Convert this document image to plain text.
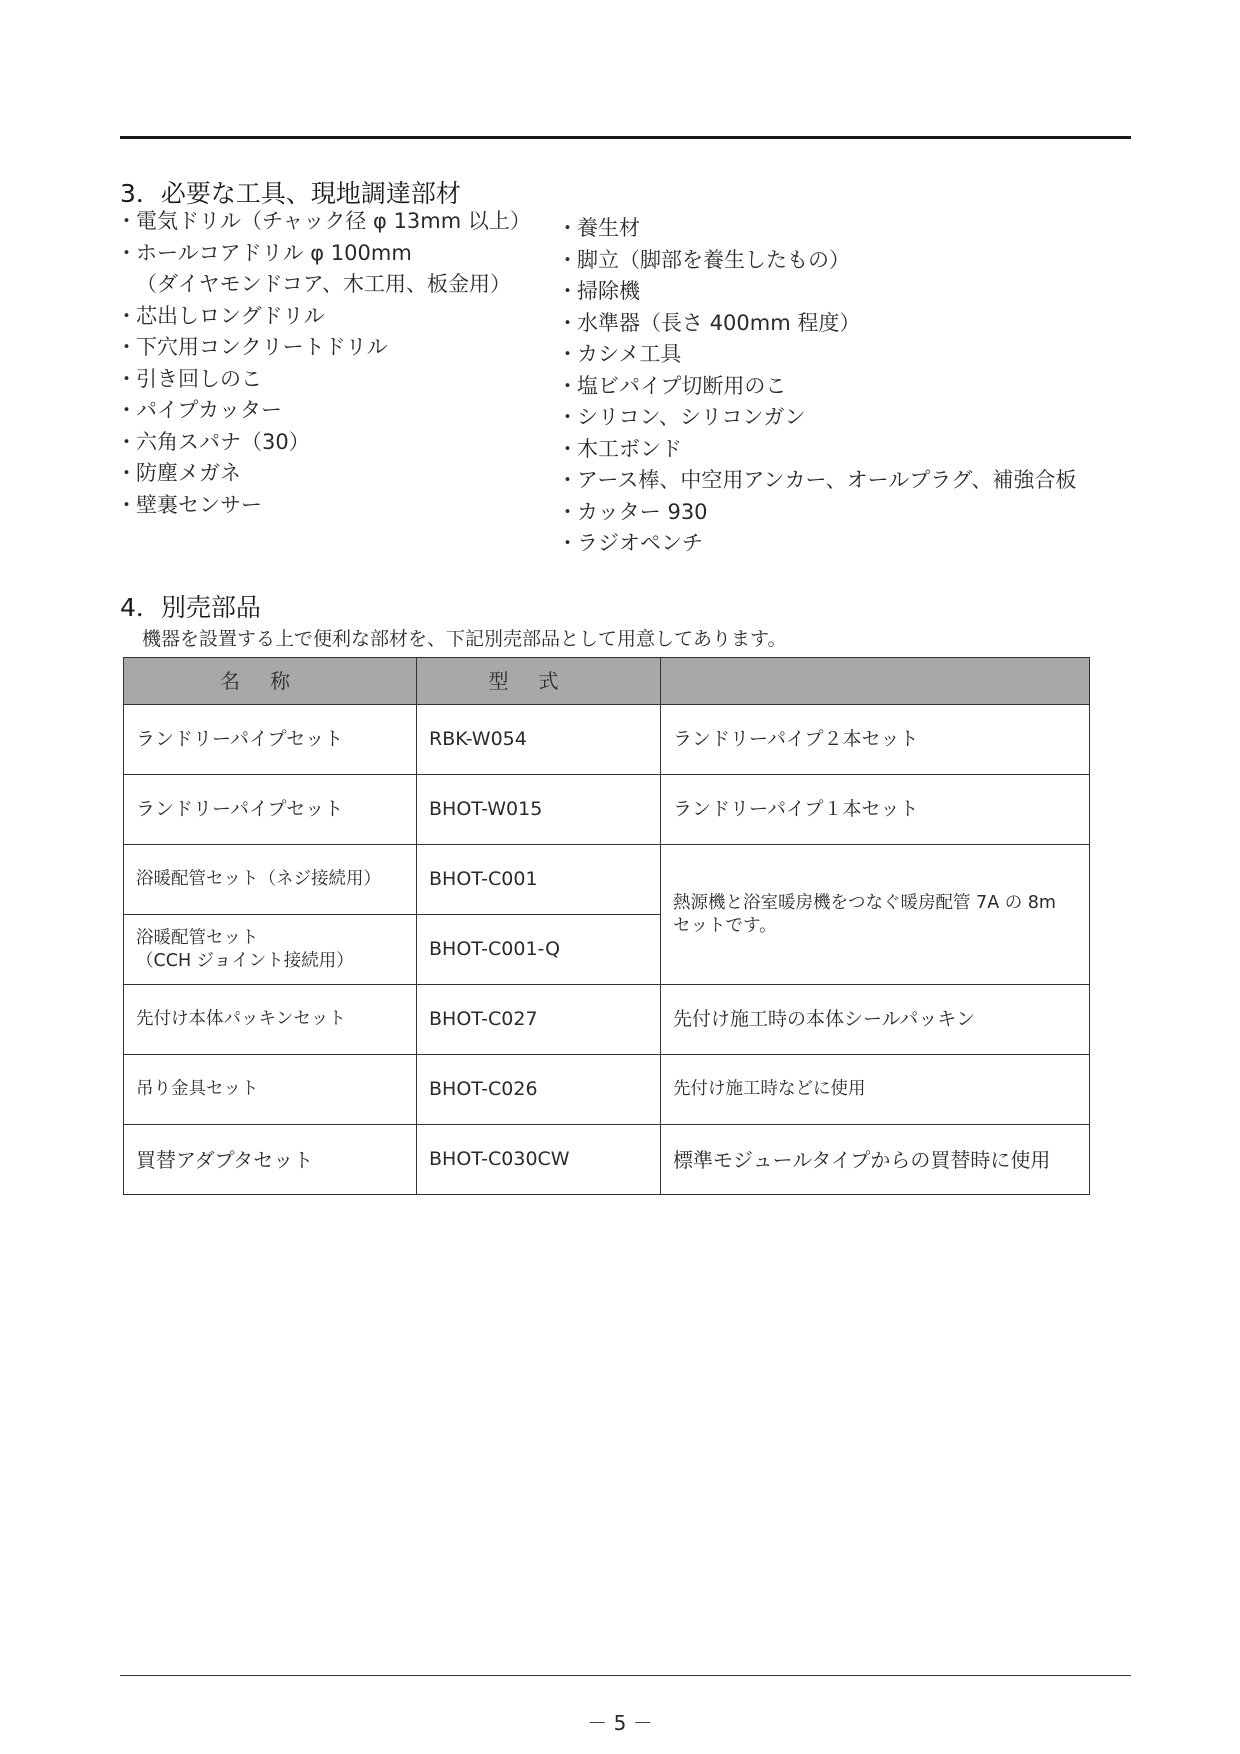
3．必要な工具、現地調達部材
・ 電気ドリル（チャック径 φ 13mm 以上）
・ ホールコアドリル φ 100mm
（ダイヤモンドコア、木工用、板金用）
・ 芯出しロングドリル
・ 下穴用コンクリートドリル
・ 引き回しのこ
・ パイプカッター
・ 六角スパナ（30）
・ 防塵メガネ
・ 壁裏センサー
・ 養生材
・ 脚立（脚部を養生したもの）
・ 掃除機
・ 水準器（長さ 400mm 程度）
・ カシメ工具
・ 塩ビパイプ切断用のこ
・ シリコン、シリコンガン
・ 木工ボンド
・ アース棒、中空用アンカー、オールプラグ、補強合板
・ カッター 930
・ ラジオペンチ
4．別売部品

機器を設置する上で便利な部材を、下記別売部品として用意してあります。

名称	型式	
ランドリーパイプセット	RBK-W054	ランドリーパイプ２本セット
ランドリーパイプセット	BHOT-W015	ランドリーパイプ１本セット
浴暖配管セット（ネジ接続用）	BHOT-C001	熱源機と浴室暖房機をつなぐ暖房配管 7A の 8m セットです。

浴暖配管セット
（CCH ジョイント接続用）	BHOT-C001-Q	
先付け本体パッキンセット	BHOT-C027	先付け施工時の本体シールパッキン
吊り金具セット	BHOT-C026	先付け施工時などに使用
買替アダプタセット	BHOT-C030CW	標準モジュールタイプからの買替時に使用

－ 5 －
